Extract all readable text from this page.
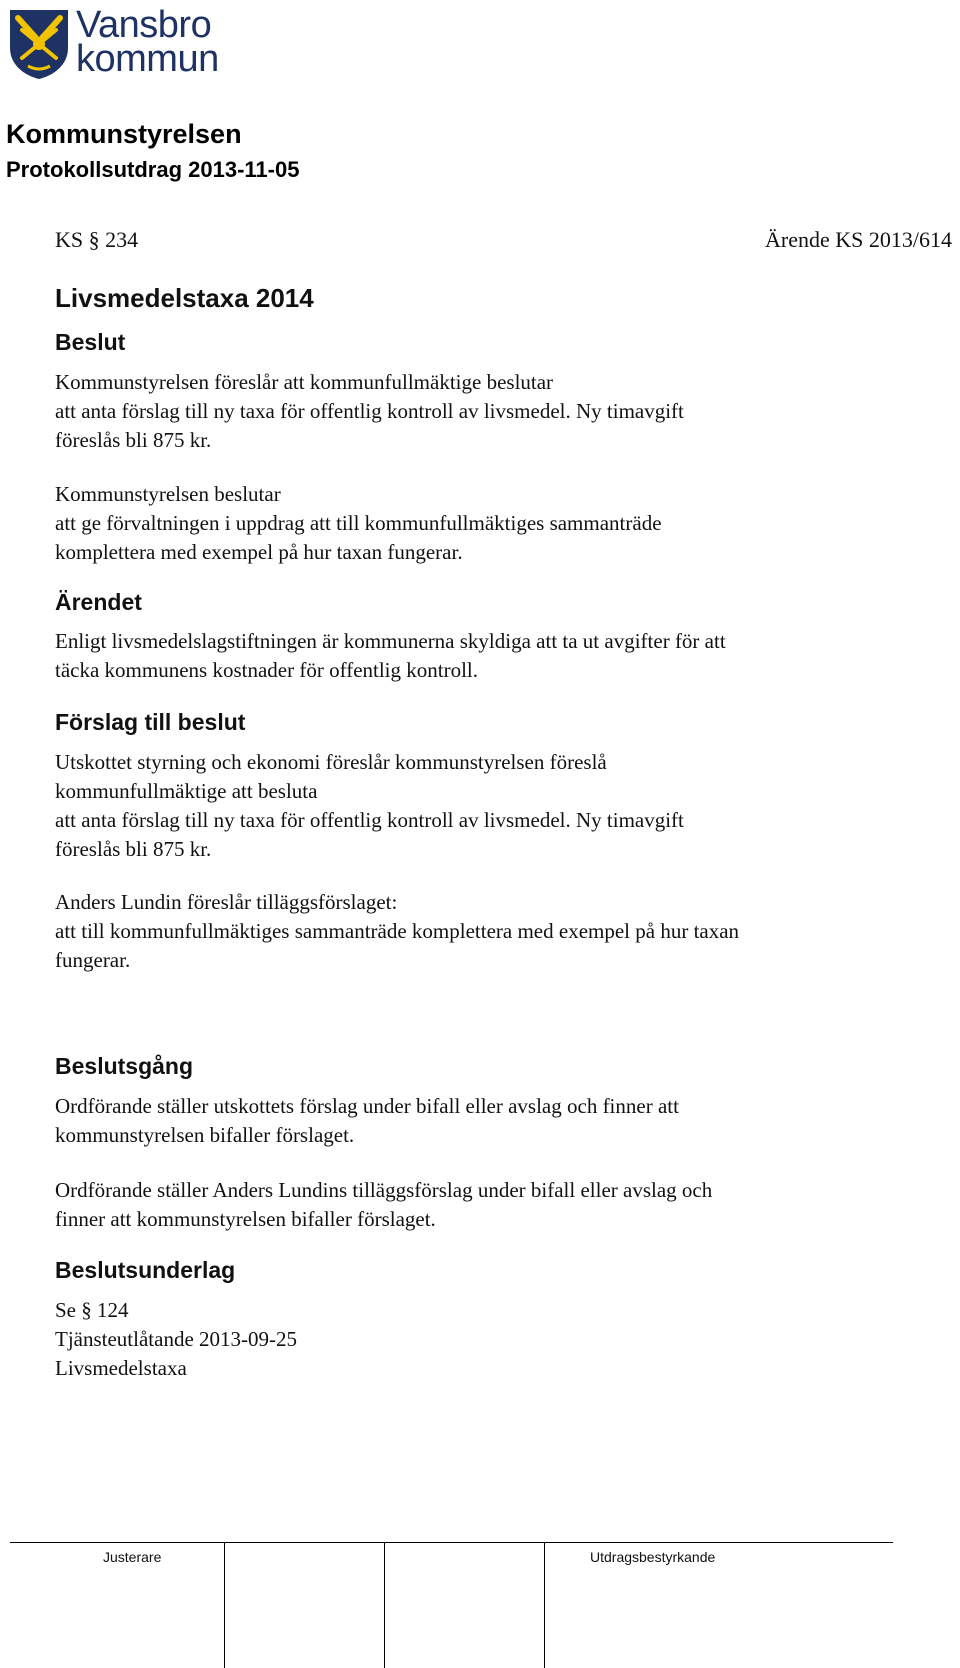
Vansbro
kommun
Kommunstyrelsen
Protokollsutdrag 2013-11-05
KS § 234	Ärende KS 2013/614
Livsmedelstaxa 2014
Beslut
Kommunstyrelsen föreslår att kommunfullmäktige beslutar
att anta förslag till ny taxa för offentlig kontroll av livsmedel. Ny timavgift
föreslås bli 875 kr.
Kommunstyrelsen beslutar
att ge förvaltningen i uppdrag att till kommunfullmäktiges sammanträde
komplettera med exempel på hur taxan fungerar.
Ärendet
Enligt livsmedelslagstiftningen är kommunerna skyldiga att ta ut avgifter för att
täcka kommunens kostnader för offentlig kontroll.
Förslag till beslut
Utskottet styrning och ekonomi föreslår kommunstyrelsen föreslå
kommunfullmäktige att besluta
att anta förslag till ny taxa för offentlig kontroll av livsmedel. Ny timavgift
föreslås bli 875 kr.
Anders Lundin föreslår tilläggsförslaget:
att till kommunfullmäktiges sammanträde komplettera med exempel på hur taxan
fungerar.
Beslutsgång
Ordförande ställer utskottets förslag under bifall eller avslag och finner att
kommunstyrelsen bifaller förslaget.
Ordförande ställer Anders Lundins tilläggsförslag under bifall eller avslag och
finner att kommunstyrelsen bifaller förslaget.
Beslutsunderlag
Se § 124
Tjänsteutlåtande 2013-09-25
Livsmedelstaxa
Justerare	Utdragsbestyrkande
